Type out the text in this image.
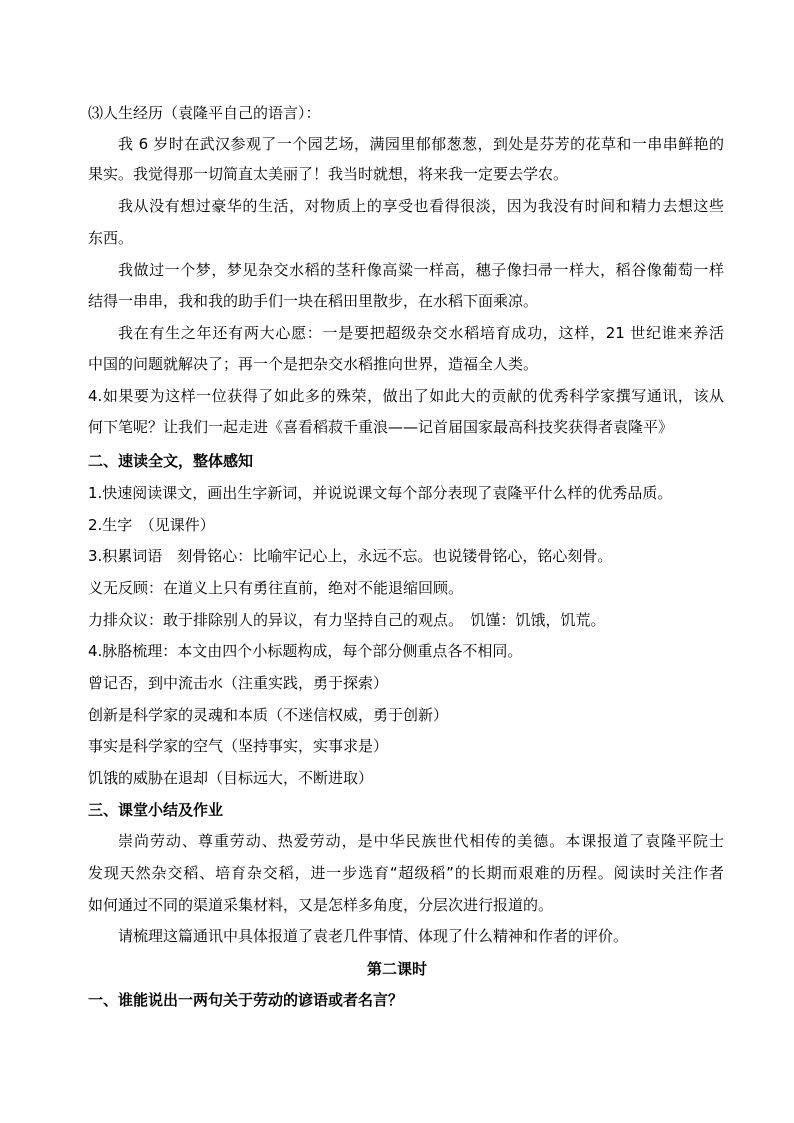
⑶人生经历（袁隆平自己的语言）：
我 6 岁时在武汉参观了一个园艺场，满园里郁郁葱葱，到处是芬芳的花草和一串串鲜艳的
果实。我觉得那一切简直太美丽了！我当时就想，将来我一定要去学农。
我从没有想过豪华的生活，对物质上的享受也看得很淡，因为我没有时间和精力去想这些
东西。
我做过一个梦，梦见杂交水稻的茎秆像高粱一样高，穗子像扫帚一样大，稻谷像葡萄一样
结得一串串，我和我的助手们一块在稻田里散步，在水稻下面乘凉。
我在有生之年还有两大心愿：一是要把超级杂交水稻培育成功，这样，21 世纪谁来养活
中国的问题就解决了；再一个是把杂交水稻推向世界，造福全人类。
4.如果要为这样一位获得了如此多的殊荣，做出了如此大的贡献的优秀科学家撰写通讯，该从
何下笔呢？让我们一起走进《喜看稻菽千重浪——记首届国家最高科技奖获得者袁隆平》
二、速读全文，整体感知
1.快速阅读课文，画出生字新词，并说说课文每个部分表现了袁隆平什么样的优秀品质。
2.生字　（见课件）
3.积累词语　刻骨铭心：比喻牢记心上，永远不忘。也说镂骨铭心，铭心刻骨。
义无反顾：在道义上只有勇往直前，绝对不能退缩回顾。
力排众议：敢于排除别人的异议，有力坚持自己的观点。　饥馑：饥饿，饥荒。
4.脉胳梳理：本文由四个小标题构成，每个部分侧重点各不相同。
曾记否，到中流击水（注重实践，勇于探索）
创新是科学家的灵魂和本质（不迷信权威，勇于创新）
事实是科学家的空气（坚持事实，实事求是）
饥饿的威胁在退却（目标远大，不断进取）
三、课堂小结及作业
崇尚劳动、尊重劳动、热爱劳动，是中华民族世代相传的美德。本课报道了袁隆平院士
发现天然杂交稻、培育杂交稻，进一步选育“超级稻”的长期而艰难的历程。阅读时关注作者
如何通过不同的渠道采集材料，又是怎样多角度，分层次进行报道的。
请梳理这篇通讯中具体报道了袁老几件事情、体现了什么精神和作者的评价。
第二课时
一、谁能说出一两句关于劳动的谚语或者名言？
